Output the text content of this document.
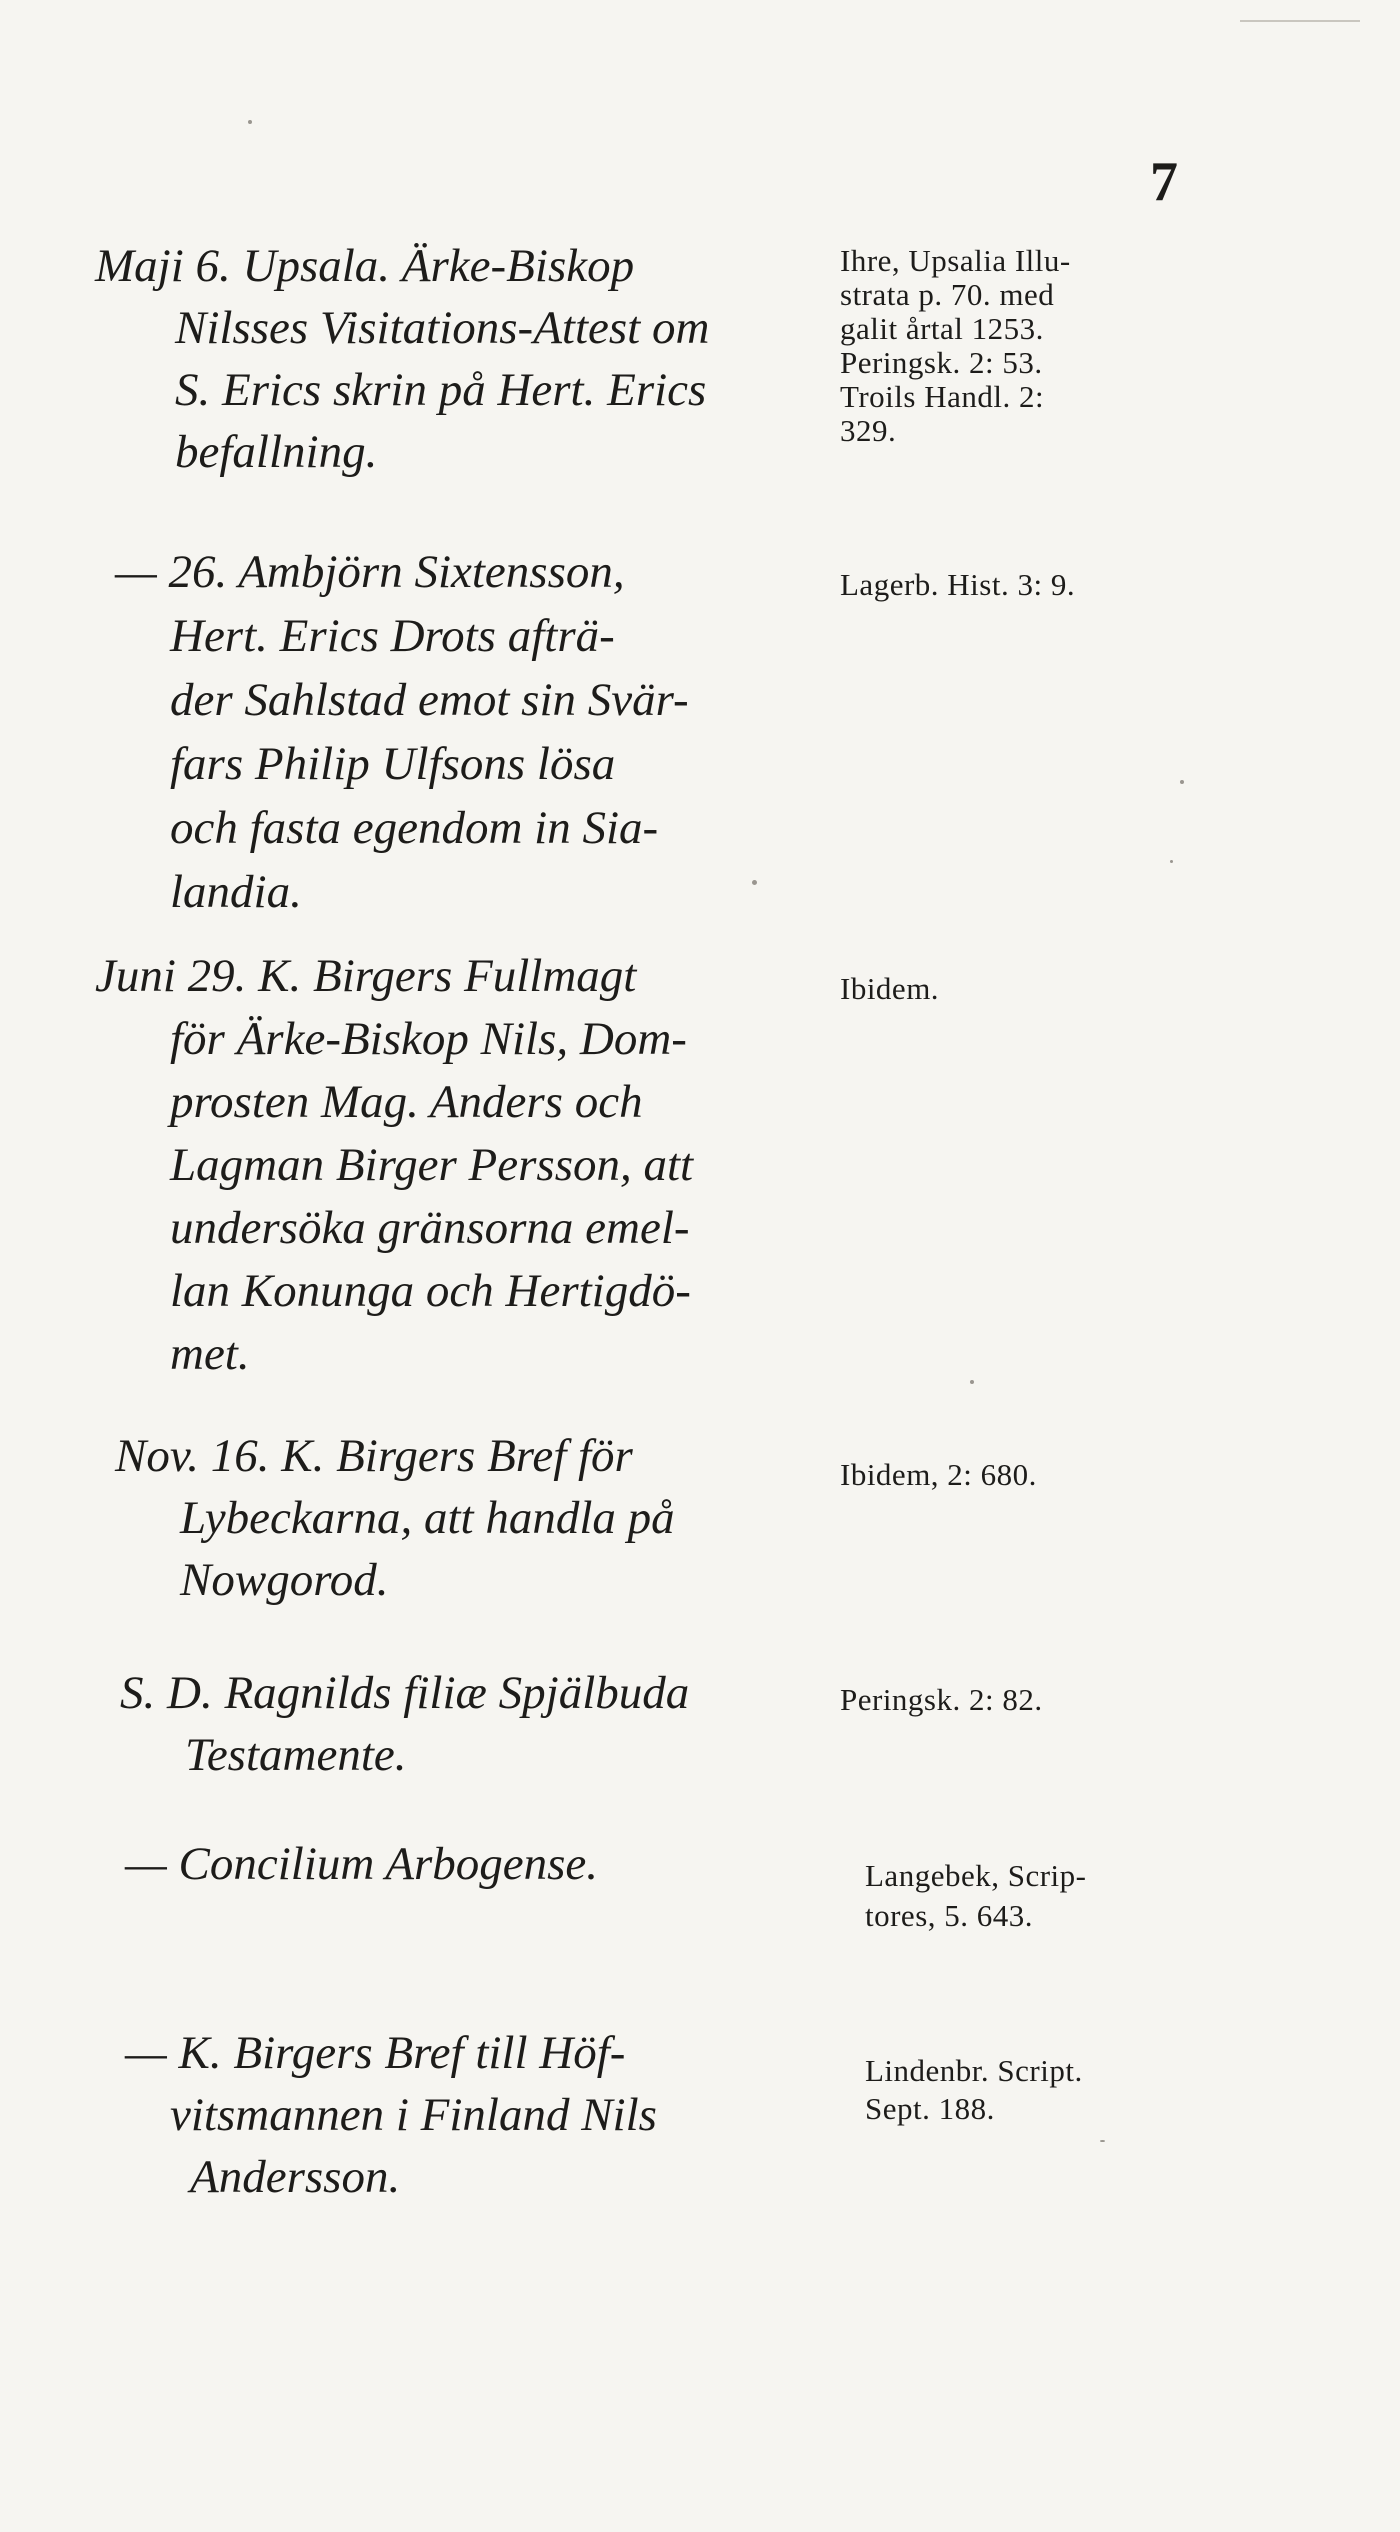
7
Maji 6. Upsala. Ärke-Biskop
Nilsses Visitations-Attest om
S. Erics skrin på Hert. Erics
befallning.
Ihre, Upsalia Illu-
strata p. 70. med
galit årtal 1253.
Peringsk. 2: 53.
Troils Handl. 2:
329.
— 26. Ambjörn Sixtensson,
Hert. Erics Drots afträ-
der Sahlstad emot sin Svär-
fars Philip Ulfsons lösa
och fasta egendom in Sia-
landia.
Lagerb. Hist. 3: 9.
Juni 29. K. Birgers Fullmagt
för Ärke-Biskop Nils, Dom-
prosten Mag. Anders och
Lagman Birger Persson, att
undersöka gränsorna emel-
lan Konunga och Hertigdö-
met.
Ibidem.
Nov. 16. K. Birgers Bref för
Lybeckarna, att handla på
Nowgorod.
Ibidem, 2: 680.
S. D. Ragnilds filiæ Spjälbuda
Testamente.
Peringsk. 2: 82.
— Concilium Arbogense.	Langebek, Scrip-
tores, 5. 643.
— K. Birgers Bref till Höf-
vitsmannen i Finland Nils
Andersson.
Lindenbr. Script.
Sept. 188.
